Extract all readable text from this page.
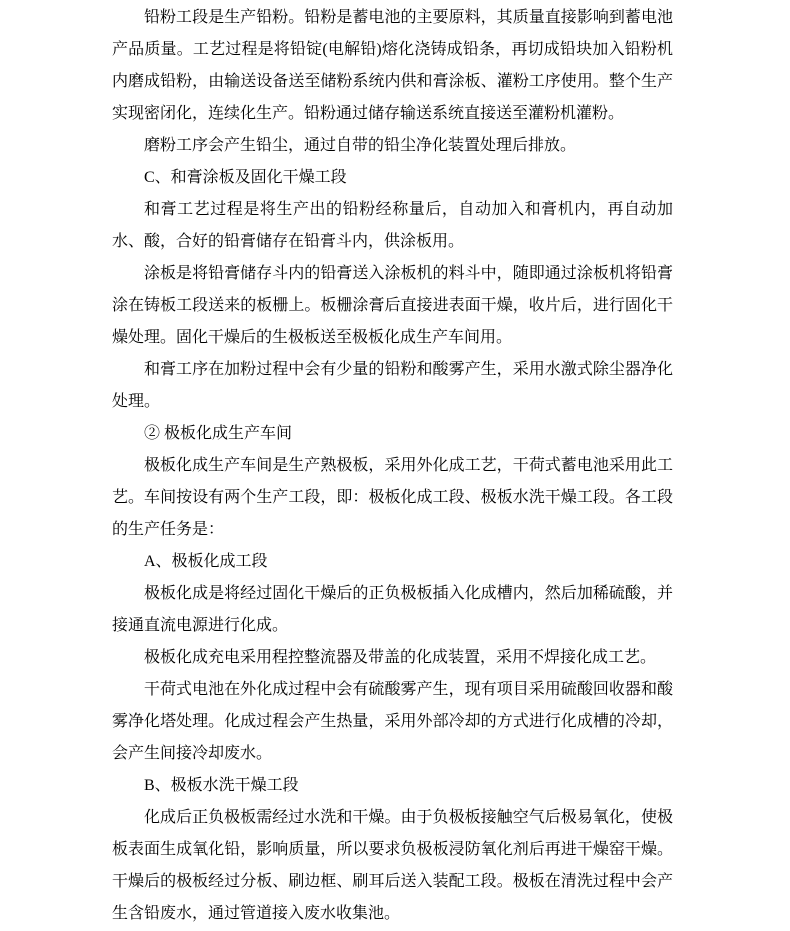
铅粉工段是生产铅粉。铅粉是蓄电池的主要原料，其质量直接影响到蓄电池产品质量。工艺过程是将铅锭(电解铅)熔化浇铸成铅条，再切成铅块加入铅粉机内磨成铅粉，由输送设备送至储粉系统内供和膏涂板、灌粉工序使用。整个生产实现密闭化，连续化生产。铅粉通过储存输送系统直接送至灌粉机灌粉。

磨粉工序会产生铅尘，通过自带的铅尘净化装置处理后排放。

C、和膏涂板及固化干燥工段

和膏工艺过程是将生产出的铅粉经称量后，自动加入和膏机内，再自动加水、酸，合好的铅膏储存在铅膏斗内，供涂板用。

涂板是将铅膏储存斗内的铅膏送入涂板机的料斗中，随即通过涂板机将铅膏涂在铸板工段送来的板栅上。板栅涂膏后直接进表面干燥，收片后，进行固化干燥处理。固化干燥后的生极板送至极板化成生产车间用。

和膏工序在加粉过程中会有少量的铅粉和酸雾产生，采用水激式除尘器净化处理。

② 极板化成生产车间

极板化成生产车间是生产熟极板，采用外化成工艺，干荷式蓄电池采用此工艺。车间按设有两个生产工段，即：极板化成工段、极板水洗干燥工段。各工段的生产任务是：

A、极板化成工段

极板化成是将经过固化干燥后的正负极板插入化成槽内，然后加稀硫酸，并接通直流电源进行化成。

极板化成充电采用程控整流器及带盖的化成装置，采用不焊接化成工艺。

干荷式电池在外化成过程中会有硫酸雾产生，现有项目采用硫酸回收器和酸雾净化塔处理。化成过程会产生热量，采用外部冷却的方式进行化成槽的冷却，会产生间接冷却废水。

B、极板水洗干燥工段

化成后正负极板需经过水洗和干燥。由于负极板接触空气后极易氧化，使极板表面生成氧化铅，影响质量，所以要求负极板浸防氧化剂后再进干燥窑干燥。干燥后的极板经过分板、刷边框、刷耳后送入装配工段。极板在清洗过程中会产生含铅废水，通过管道接入废水收集池。
